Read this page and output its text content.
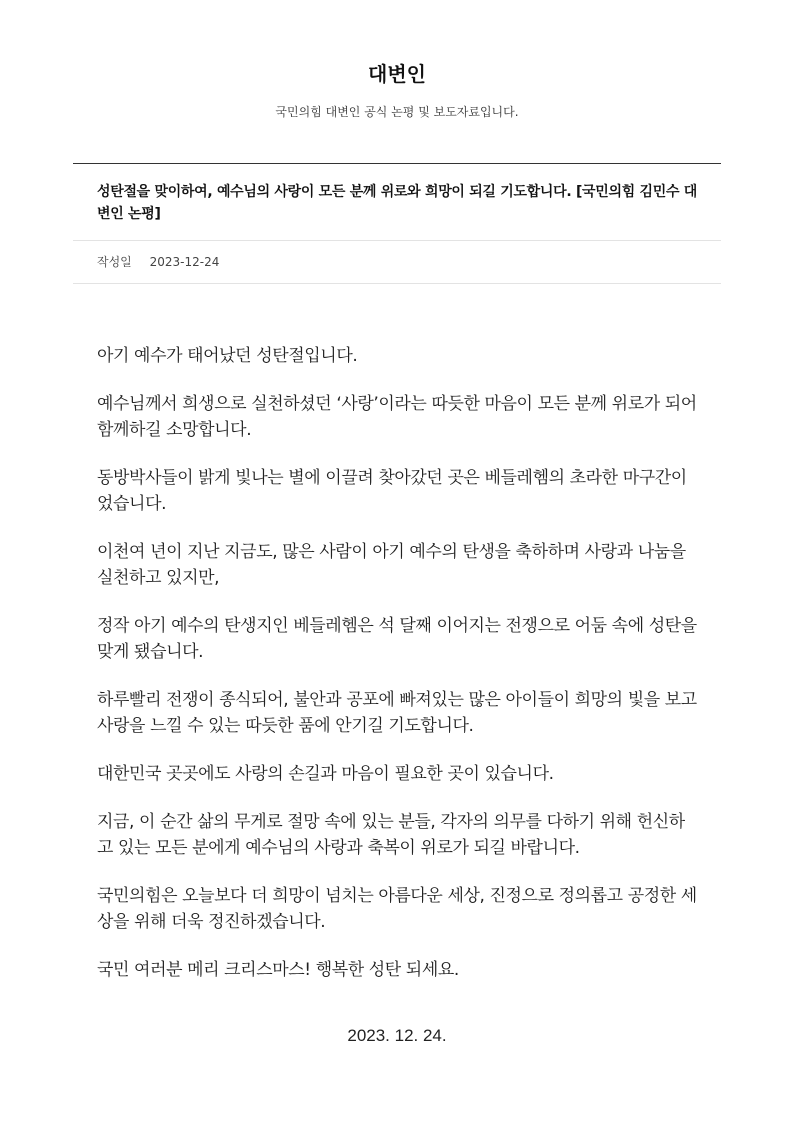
대변인
국민의힘 대변인 공식 논평 및 보도자료입니다.
성탄절을 맞이하여, 예수님의 사랑이 모든 분께 위로와 희망이 되길 기도합니다. [국민의힘 김민수 대변인 논평]
작성일 2023-12-24

아기 예수가 태어났던 성탄절입니다.

예수님께서 희생으로 실천하셨던 ‘사랑’이라는 따듯한 마음이 모든 분께 위로가 되어 함께하길 소망합니다.

동방박사들이 밝게 빛나는 별에 이끌려 찾아갔던 곳은 베들레헴의 초라한 마구간이었습니다.

이천여 년이 지난 지금도, 많은 사람이 아기 예수의 탄생을 축하하며 사랑과 나눔을 실천하고 있지만,

정작 아기 예수의 탄생지인 베들레헴은 석 달째 이어지는 전쟁으로 어둠 속에 성탄을 맞게 됐습니다.

하루빨리 전쟁이 종식되어, 불안과 공포에 빠져있는 많은 아이들이 희망의 빛을 보고 사랑을 느낄 수 있는 따듯한 품에 안기길 기도합니다.

대한민국 곳곳에도 사랑의 손길과 마음이 필요한 곳이 있습니다.

지금, 이 순간 삶의 무게로 절망 속에 있는 분들, 각자의 의무를 다하기 위해 헌신하고 있는 모든 분에게 예수님의 사랑과 축복이 위로가 되길 바랍니다.

국민의힘은 오늘보다 더 희망이 넘치는 아름다운 세상, 진정으로 정의롭고 공정한 세상을 위해 더욱 정진하겠습니다.

국민 여러분 메리 크리스마스! 행복한 성탄 되세요.

2023. 12. 24.
